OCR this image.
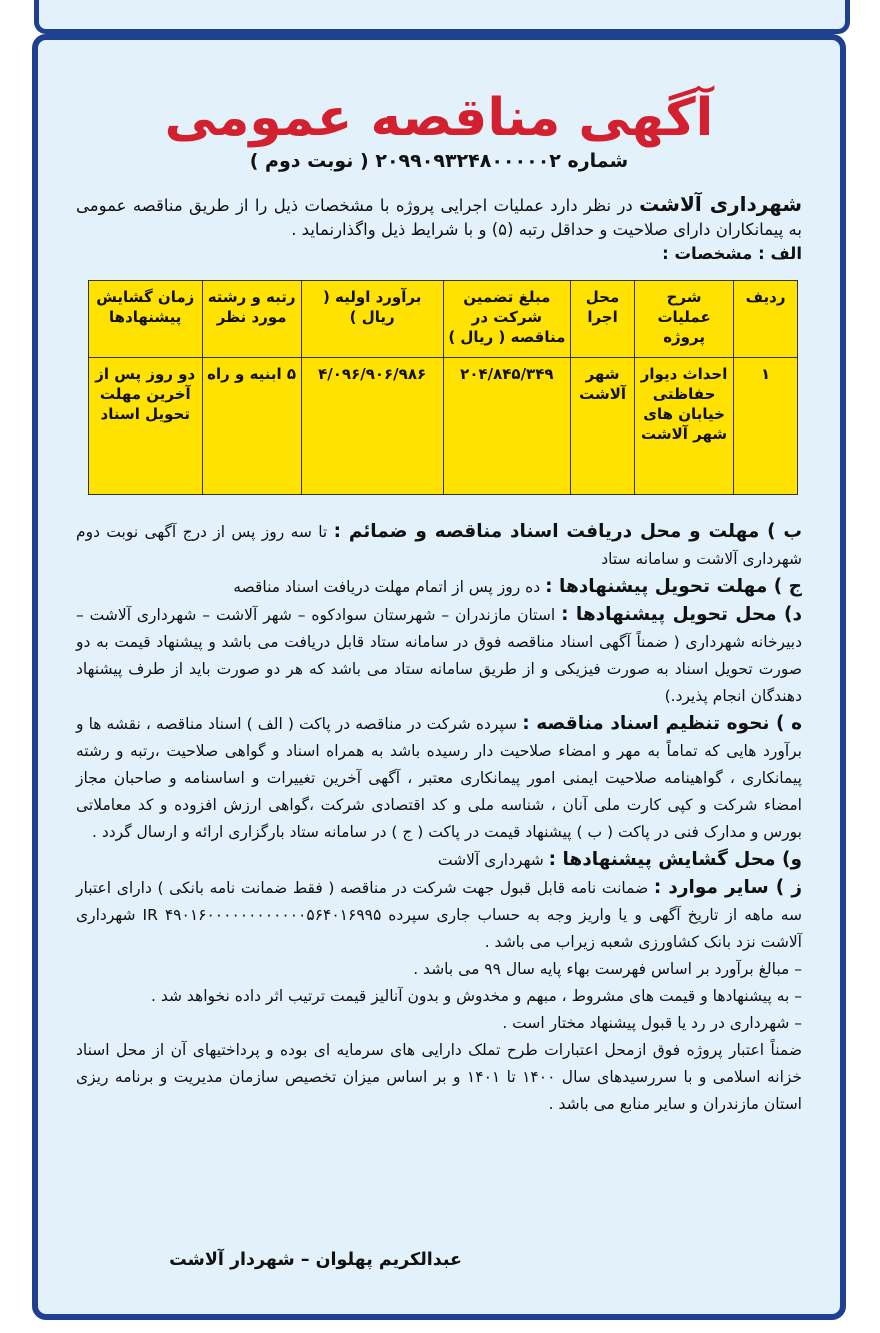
آگهی مناقصه عمومی
شماره ۲۰۹۹۰۹۳۲۴۸۰۰۰۰۰۲ ( نوبت دوم )
شهرداری آلاشت در نظر دارد عملیات اجرایی پروژه با مشخصات ذیل را از طریق مناقصه عمومی به پیمانکاران دارای صلاحیت و حداقل رتبه (۵) و با شرایط ذیل واگذارنماید .
الف : مشخصات :
ردیف	شرح عملیات پروژه	محل اجرا	مبلغ تضمین شرکت در مناقصه ( ریال )	برآورد اولیه ( ریال )	رتبه و رشته مورد نظر	زمان گشایش پیشنهادها
۱	احداث دیوار حفاظتی خیابان های شهر آلاشت	شهر آلاشت	۲۰۴/۸۴۵/۳۴۹	۴/۰۹۶/۹۰۶/۹۸۶	۵ ابنیه و راه	دو روز پس از آخرین مهلت تحویل اسناد

ب ) مهلت و محل دریافت اسناد مناقصه و ضمائم : تا سه روز پس از درج آگهی نوبت دوم شهرداری آلاشت و سامانه ستاد

ج ) مهلت تحویل پیشنهادها : ده روز پس از اتمام مهلت دریافت اسناد مناقصه

د) محل تحویل پیشنهادها : استان مازندران – شهرستان سوادکوه – شهر آلاشت – شهرداری آلاشت – دبیرخانه شهرداری ( ضمناً آگهی اسناد مناقصه فوق در سامانه ستاد قابل دریافت می باشد و پیشنهاد قیمت به دو صورت تحویل اسناد به صورت فیزیکی و از طریق سامانه ستاد می باشد که هر دو صورت باید از طرف پیشنهاد دهندگان انجام پذیرد.)

ه ) نحوه تنظیم اسناد مناقصه : سپرده شرکت در مناقصه در پاکت ( الف ) اسناد مناقصه ، نقشه ها و برآورد هایی که تماماً به مهر و امضاء صلاحیت دار رسیده باشد به همراه اسناد و گواهی صلاحیت ،رتبه و رشته پیمانکاری ، گواهینامه صلاحیت ایمنی امور پیمانکاری معتبر ، آگهی آخرین تغییرات و اساسنامه و صاحبان مجاز امضاء شرکت و کپی کارت ملی آنان ، شناسه ملی و کد اقتصادی شرکت ،گواهی ارزش افزوده و کد معاملاتی بورس و مدارک فنی در پاکت ( ب ) پیشنهاد قیمت در پاکت ( ج ) در سامانه ستاد بارگزاری ارائه و ارسال گردد .

و) محل گشایش پیشنهادها : شهرداری آلاشت

ز ) سایر موارد : ضمانت نامه قابل قبول جهت شرکت در مناقصه ( فقط ضمانت نامه بانکی ) دارای اعتبار سه ماهه از تاریخ آگهی و یا واریز وجه به حساب جاری سپرده IR ۴۹۰۱۶۰۰۰۰۰۰۰۰۰۰۰۰۵۶۴۰۱۶۹۹۵ شهرداری آلاشت نزد بانک کشاورزی شعبه زیراب می باشد .

– مبالغ برآورد بر اساس فهرست بهاء پایه سال ۹۹ می باشد .

– به پیشنهادها و قیمت های مشروط ، مبهم و مخدوش و بدون آنالیز قیمت ترتیب اثر داده نخواهد شد .

– شهرداری در رد یا قبول پیشنهاد مختار است .

ضمناً اعتبار پروژه فوق ازمحل اعتبارات طرح تملک دارایی های سرمایه ای بوده و پرداختیهای آن از محل اسناد خزانه اسلامی و با سررسیدهای سال ۱۴۰۰ تا ۱۴۰۱ و بر اساس میزان تخصیص سازمان مدیریت و برنامه ریزی استان مازندران و سایر منابع می باشد .

عبدالکریم پهلوان – شهردار آلاشت
